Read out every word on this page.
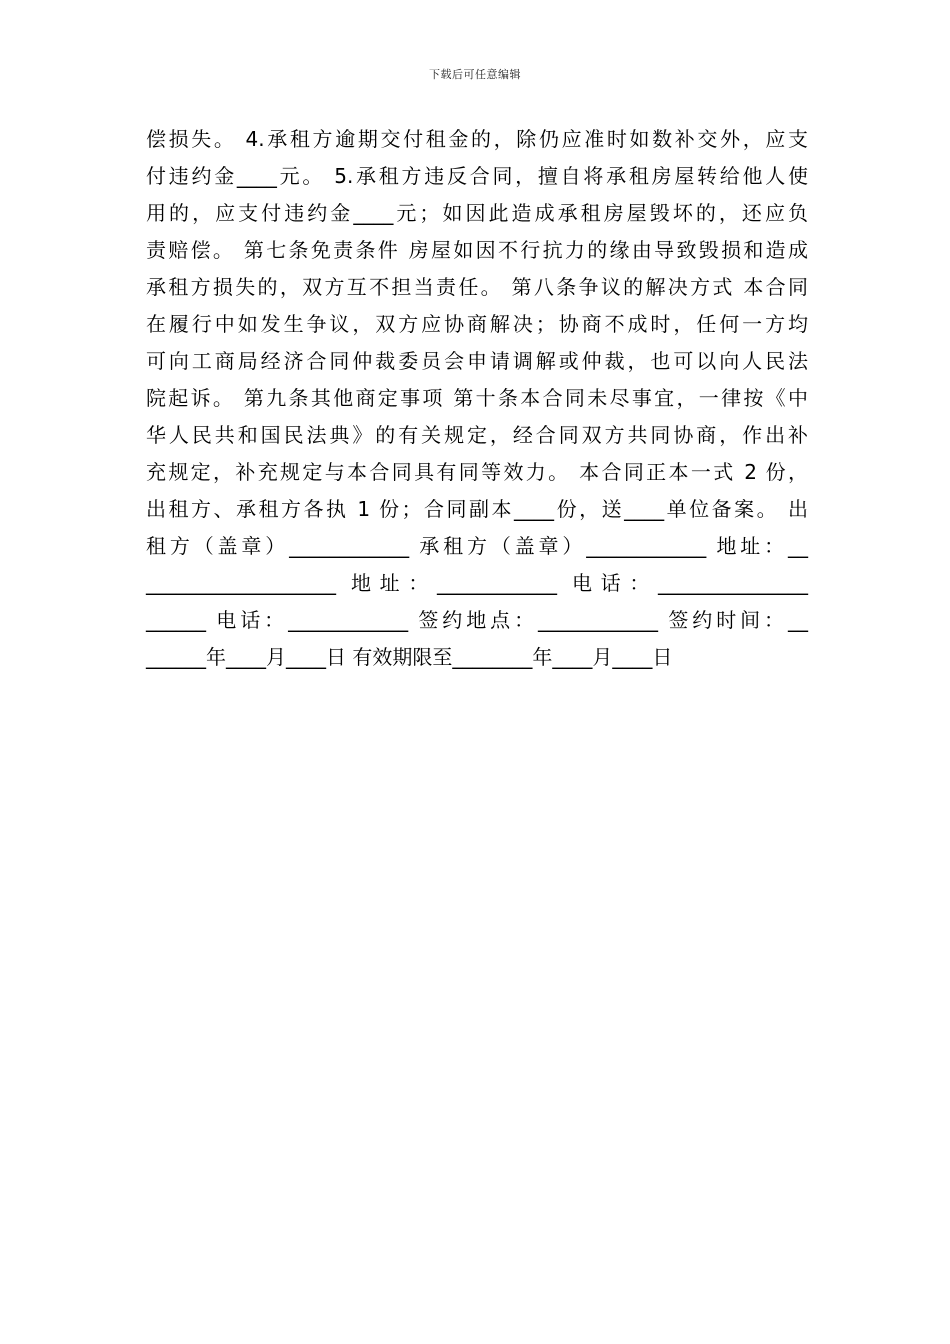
下载后可任意编辑
偿损失。 4.承租方逾期交付租金的，除仍应准时如数补交外，应支
付违约金____元。 5.承租方违反合同，擅自将承租房屋转给他人使
用的，应支付违约金____元；如因此造成承租房屋毁坏的，还应负
责赔偿。 第七条免责条件 房屋如因不行抗力的缘由导致毁损和造成
承租方损失的，双方互不担当责任。 第八条争议的解决方式 本合同
在履行中如发生争议，双方应协商解决；协商不成时，任何一方均
可向工商局经济合同仲裁委员会申请调解或仲裁，也可以向人民法
院起诉。 第九条其他商定事项 第十条本合同未尽事宜，一律按《中
华人民共和国民法典》的有关规定，经合同双方共同协商，作出补
充规定，补充规定与本合同具有同等效力。 本合同正本一式 2 份，
出租方、承租方各执 1 份；合同副本____份，送____单位备案。 出
租方（盖章）____________ 承租方（盖章）____________ 地址：__
___________________ 地址：____________ 电话：_______________
______ 电话：____________ 签约地点：____________ 签约时间：__
______年____月____日 有效期限至________年____月____日
